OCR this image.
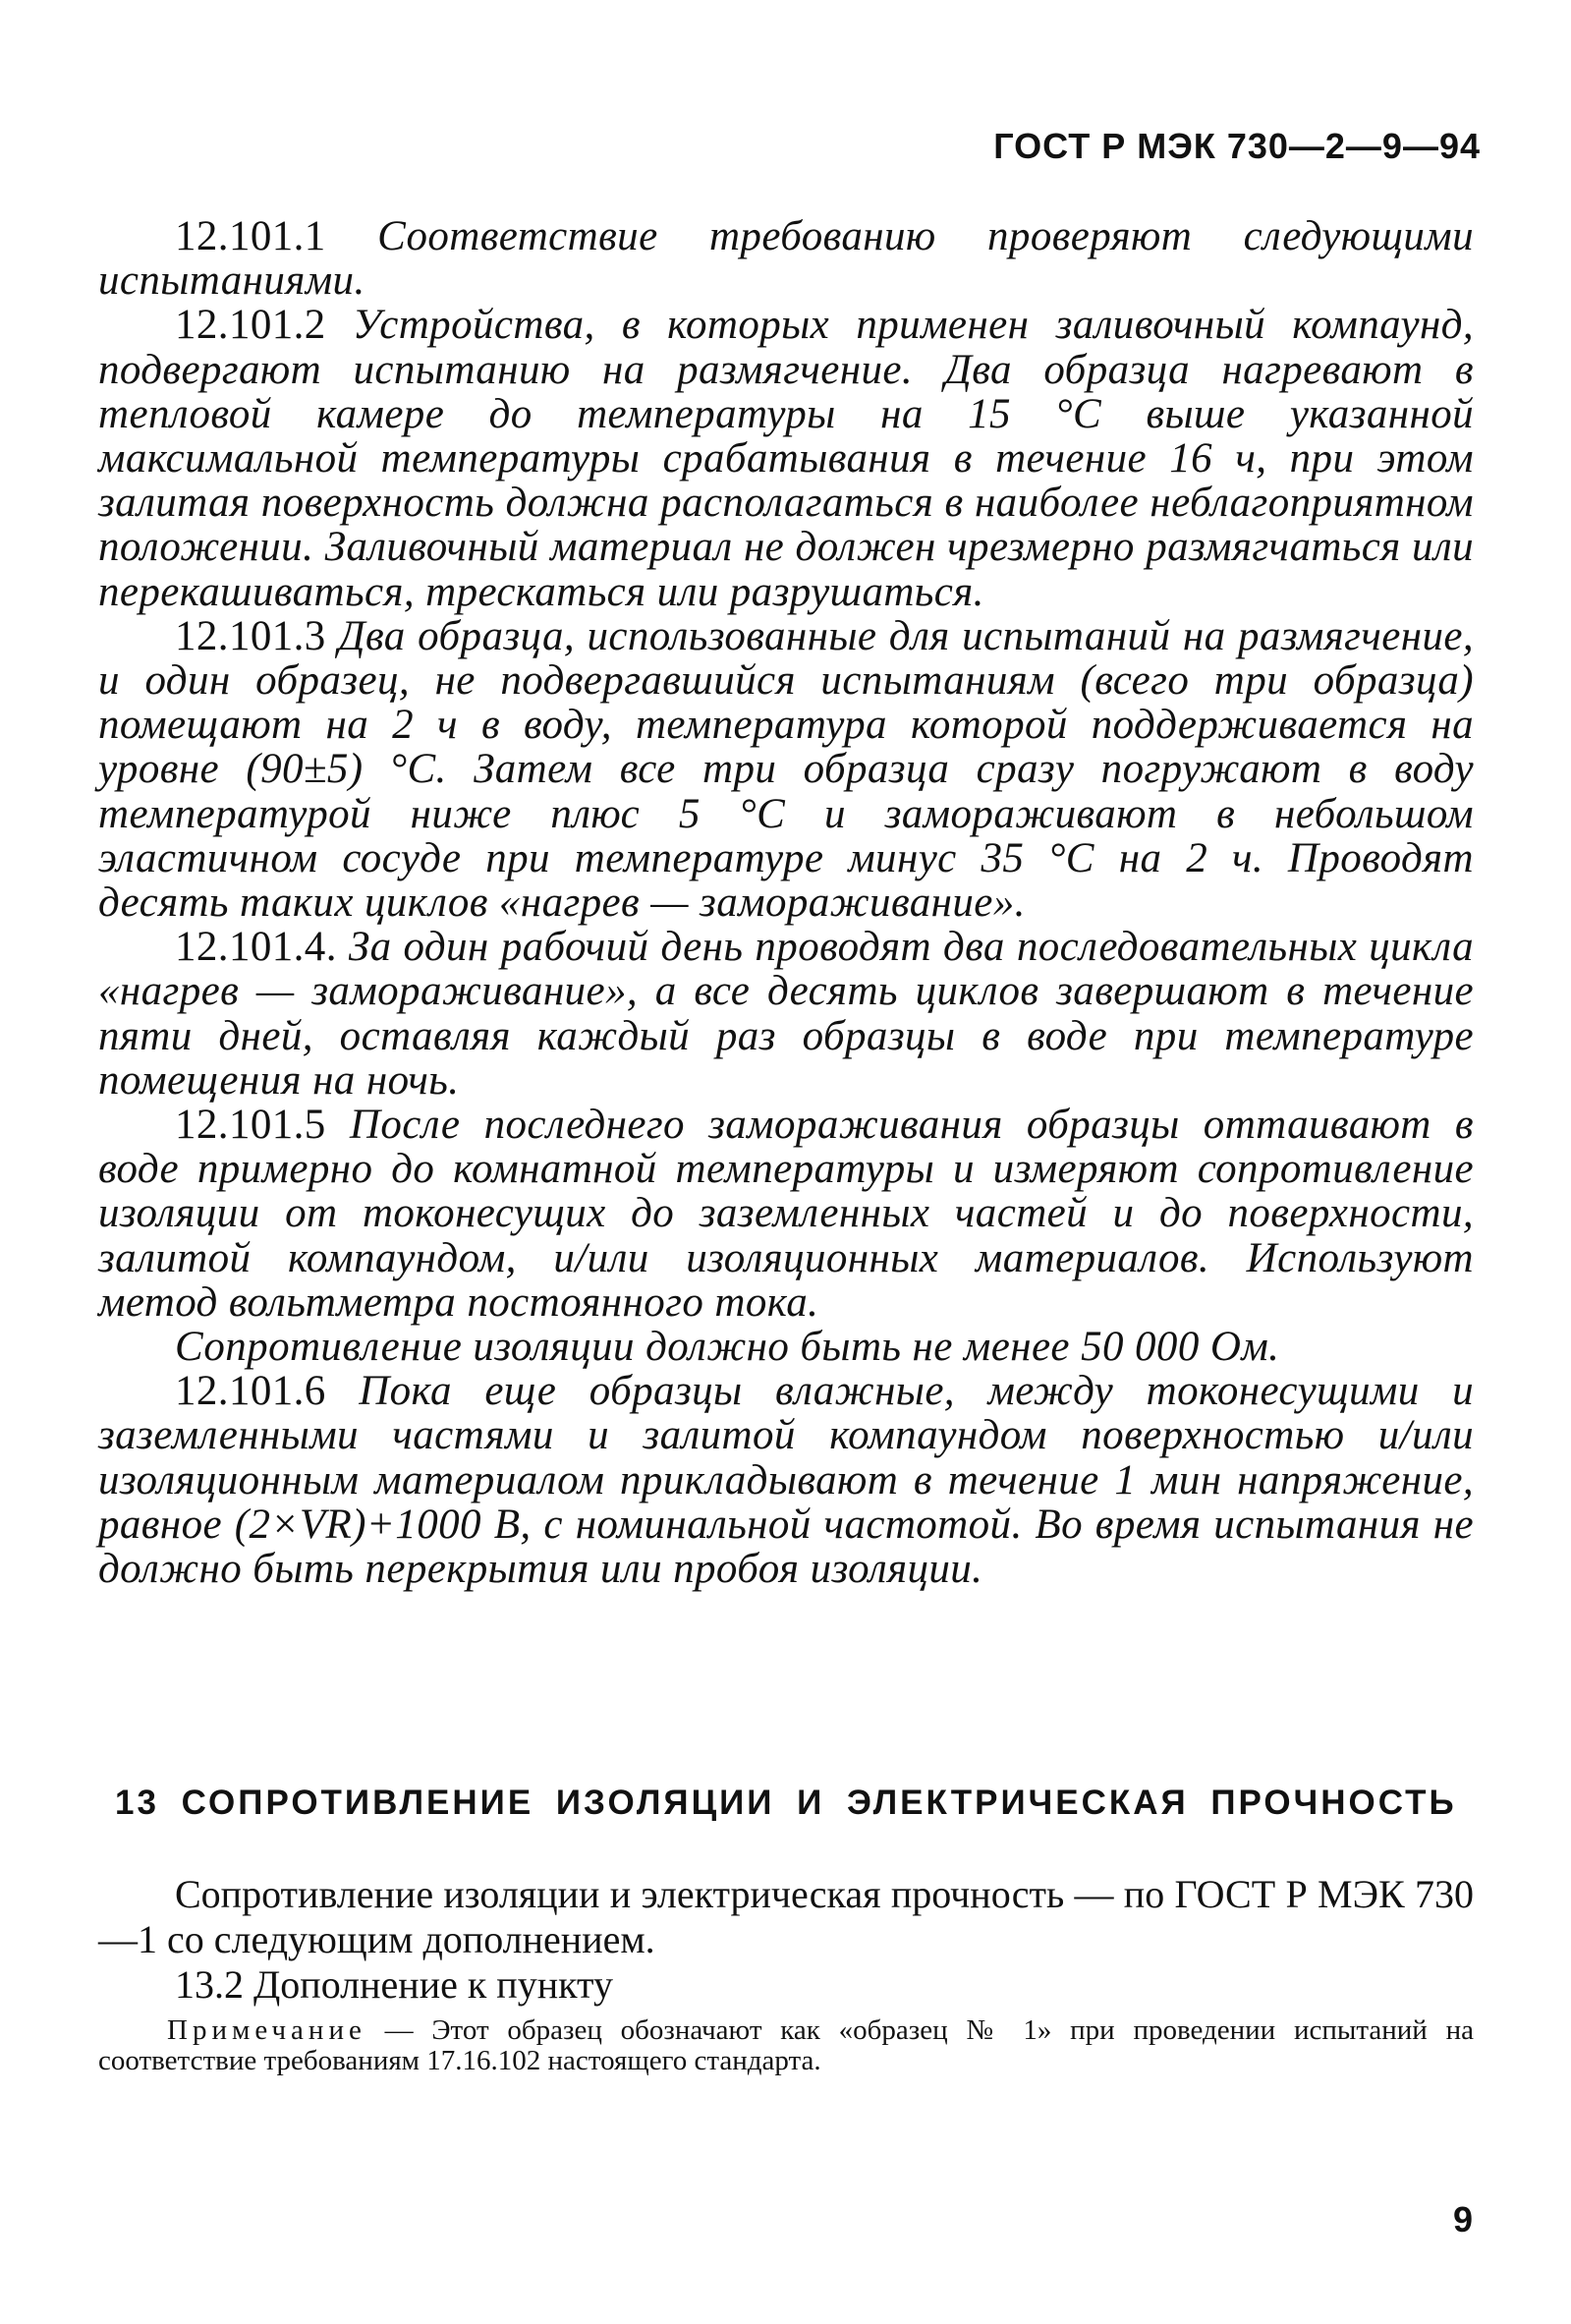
ГОСТ Р МЭК 730—2—9—94

12.101.1 Соответствие требованию проверяют следующими испытаниями.

12.101.2 Устройства, в которых применен заливочный компаунд, подвергают испытанию на размягчение. Два образца нагревают в тепловой камере до температуры на 15 °С выше указанной максимальной температуры срабатывания в течение 16 ч, при этом залитая поверхность должна располагаться в наиболее неблагоприятном положении. Заливочный материал не должен чрезмерно размягчаться или перекашиваться, трескаться или разрушаться.

12.101.3 Два образца, использованные для испытаний на размягчение, и один образец, не подвергавшийся испытаниям (всего три образца) помещают на 2 ч в воду, температура которой поддерживается на уровне (90±5) °С. Затем все три образца сразу погружают в воду температурой ниже плюс 5 °С и замораживают в небольшом эластичном сосуде при температуре минус 35 °С на 2 ч. Проводят десять таких циклов «нагрев — замораживание».

12.101.4. За один рабочий день проводят два последовательных цикла «нагрев — замораживание», а все десять циклов завершают в течение пяти дней, оставляя каждый раз образцы в воде при температуре помещения на ночь.

12.101.5 После последнего замораживания образцы оттаивают в воде примерно до комнатной температуры и измеряют сопротивление изоляции от токонесущих до заземленных частей и до поверхности, залитой компаундом, и/или изоляционных материалов. Используют метод вольтметра постоянного тока.

Сопротивление изоляции должно быть не менее 50 000 Ом.

12.101.6 Пока еще образцы влажные, между токонесущими и заземленными частями и залитой компаундом поверхностью и/или изоляционным материалом прикладывают в течение 1 мин напряжение, равное (2×VR)+1000 В, с номинальной частотой. Во время испытания не должно быть перекрытия или пробоя изоляции.

13 СОПРОТИВЛЕНИЕ ИЗОЛЯЦИИ И ЭЛЕКТРИЧЕСКАЯ ПРОЧНОСТЬ

Сопротивление изоляции и электрическая прочность — по ГОСТ Р МЭК 730—1 со следующим дополнением.

13.2 Дополнение к пункту

Примечание — Этот образец обозначают как «образец № 1» при проведении испытаний на соответствие требованиям 17.16.102 настоящего стандарта.

9
